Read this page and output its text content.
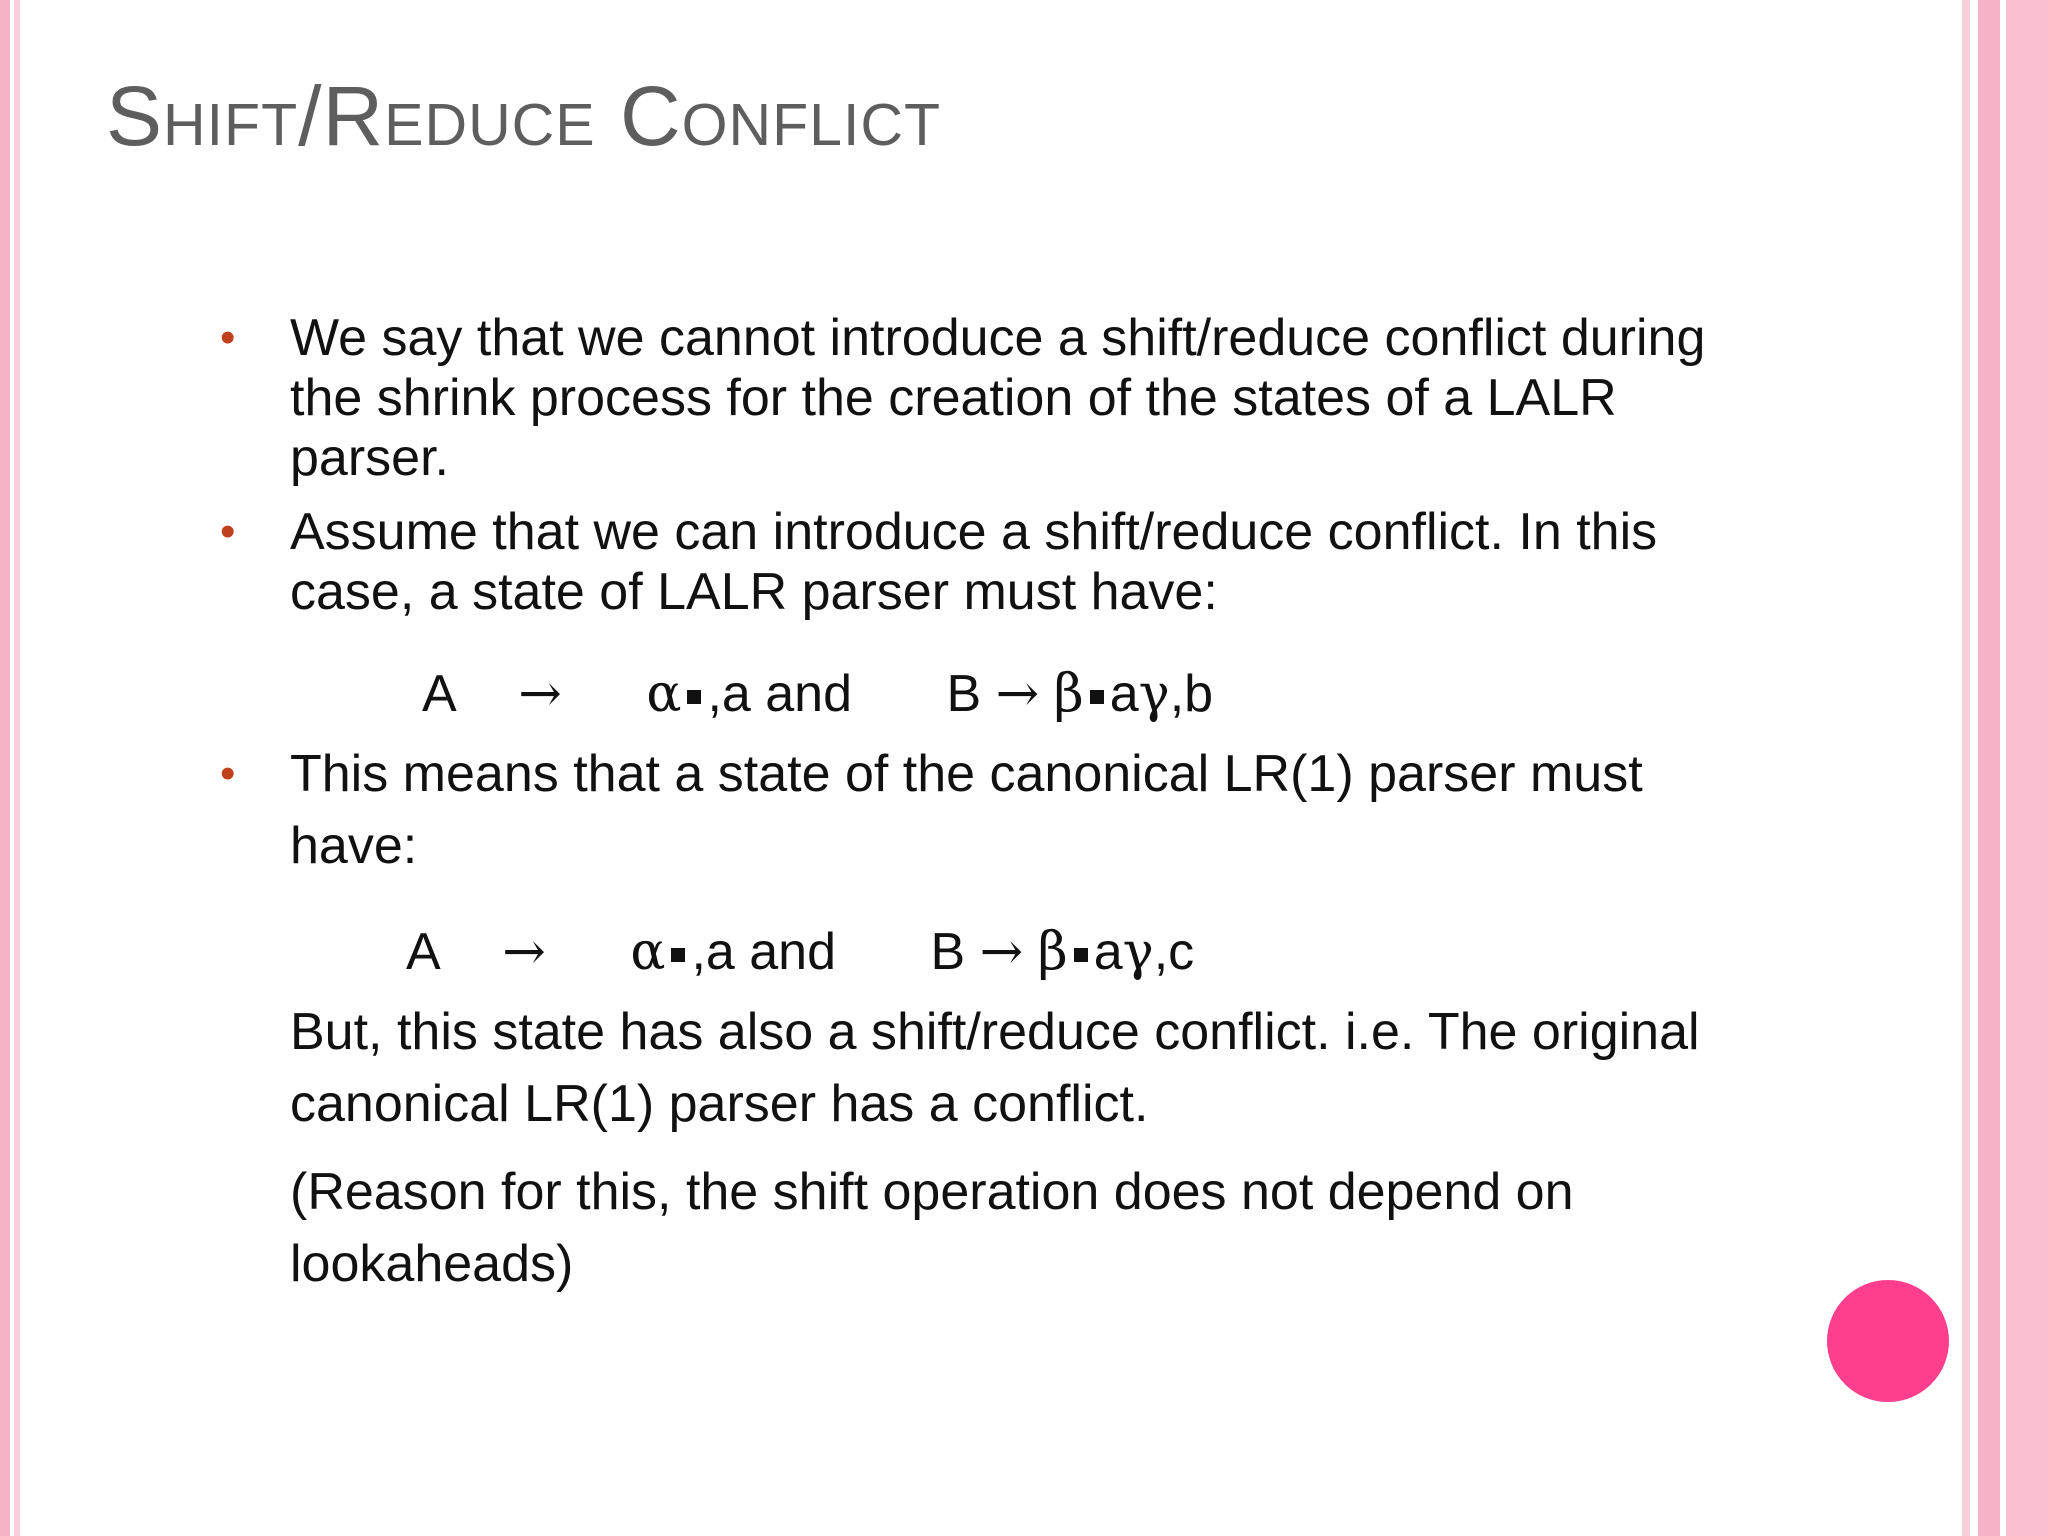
Shift/Reduce Conflict
• We say that we cannot introduce a shift/reduce conflict during
the shrink process for the creation of the states of a LALR
parser.
• Assume that we can introduce a shift/reduce conflict. In this
case, a state of LALR parser must have:
A → α ,a and B → β aγ,b
• This means that a state of the canonical LR(1) parser must
have:
A → α ,a and B → β aγ,c
But, this state has also a shift/reduce conflict. i.e. The original
canonical LR(1) parser has a conflict.
(Reason for this, the shift operation does not depend on
lookaheads)
